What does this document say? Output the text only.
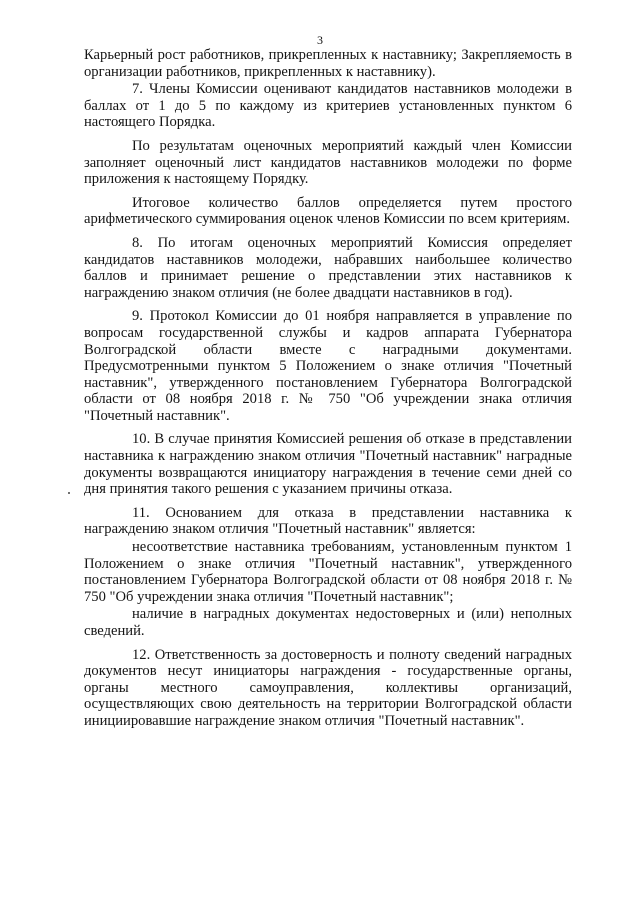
3

Карьерный рост работников, прикрепленных к наставнику; Закрепляемость в организации работников, прикрепленных к наставнику).

7. Члены Комиссии оценивают кандидатов наставников молодежи в баллах от 1 до 5 по каждому из критериев установленных пунктом 6 настоящего Порядка.

По результатам оценочных мероприятий каждый член Комиссии заполняет оценочный лист кандидатов наставников молодежи по форме приложения к настоящему Порядку.

Итоговое количество баллов определяется путем простого арифметического суммирования оценок членов Комиссии по всем критериям.

8. По итогам оценочных мероприятий Комиссия определяет кандидатов наставников молодежи, набравших наибольшее количество баллов и принимает решение о представлении этих наставников к награждению знаком отличия (не более двадцати наставников в год).

9. Протокол Комиссии до 01 ноября направляется в управление по вопросам государственной службы и кадров аппарата Губернатора Волгоградской области вместе с наградными документами. Предусмотренными пунктом 5 Положением о знаке отличия "Почетный наставник", утвержденного постановлением Губернатора Волгоградской области от 08 ноября 2018 г. № 750 "Об учреждении знака отличия "Почетный наставник".

10. В случае принятия Комиссией решения об отказе в представлении наставника к награждению знаком отличия "Почетный наставник" наградные документы возвращаются инициатору награждения в течение семи дней со дня принятия такого решения с указанием причины отказа.

11. Основанием для отказа в представлении наставника к награждению знаком отличия "Почетный наставник" является:

несоответствие наставника требованиям, установленным пунктом 1 Положением о знаке отличия "Почетный наставник", утвержденного постановлением Губернатора Волгоградской области от 08 ноября 2018 г. № 750 "Об учреждении знака отличия "Почетный наставник";

наличие в наградных документах недостоверных и (или) неполных сведений.

12. Ответственность за достоверность и полноту сведений наградных документов несут инициаторы награждения - государственные органы, органы местного самоуправления, коллективы организаций, осуществляющих свою деятельность на территории Волгоградской области инициировавшие награждение знаком отличия "Почетный наставник".
